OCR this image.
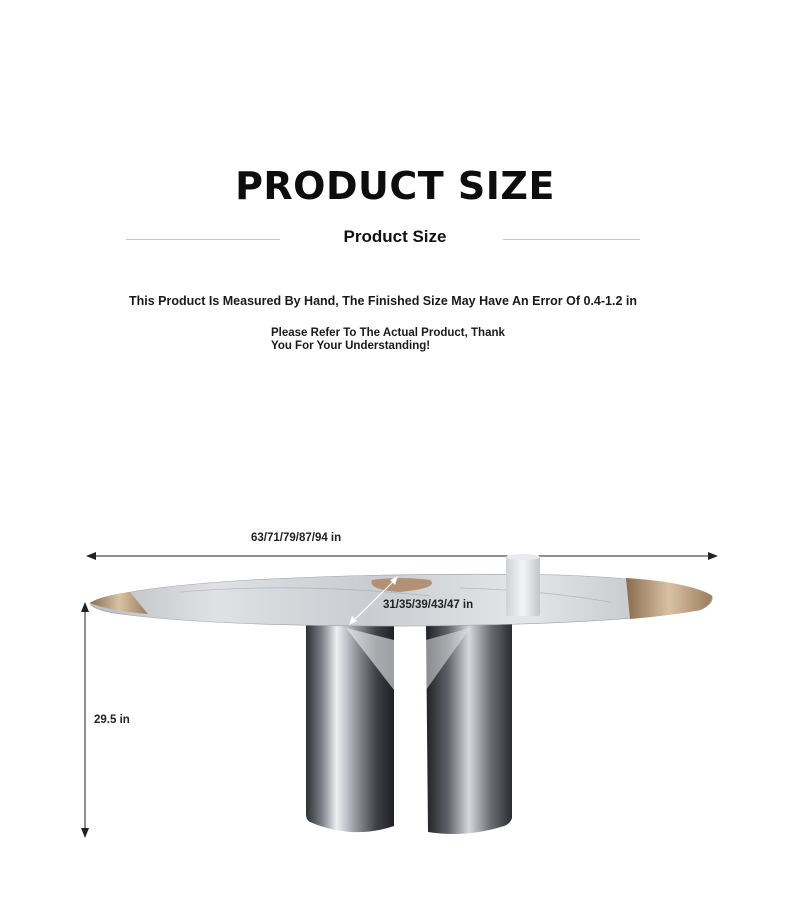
PRODUCT SIZE
Product Size

This Product Is Measured By Hand, The Finished Size May Have An Error Of 0.4-1.2 in

Please Refer To The Actual Product, Thank
You For Your Understanding!

63/71/79/87/94 in
31/35/39/43/47 in
29.5 in
